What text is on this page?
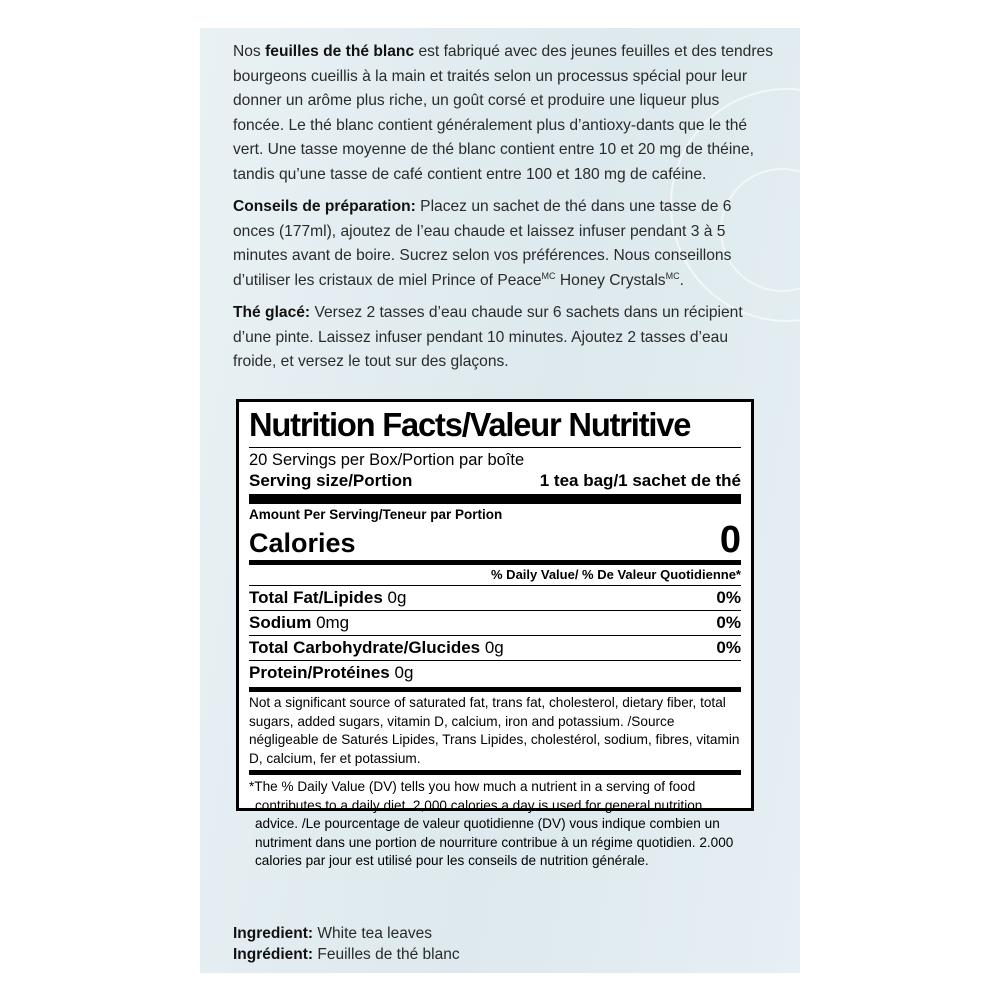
Nos feuilles de thé blanc est fabriqué avec des jeunes feuilles et des tendres bourgeons cueillis à la main et traités selon un processus spécial pour leur donner un arôme plus riche, un goût corsé et produire une liqueur plus foncée. Le thé blanc contient généralement plus d’antioxy-dants que le thé vert. Une tasse moyenne de thé blanc contient entre 10 et 20 mg de théine, tandis qu’une tasse de café contient entre 100 et 180 mg de caféine.

Conseils de préparation: Placez un sachet de thé dans une tasse de 6 onces (177ml), ajoutez de l’eau chaude et laissez infuser pendant 3 à 5 minutes avant de boire. Sucrez selon vos préférences. Nous conseillons d’utiliser les cristaux de miel Prince of Peace$^{MC}$ Honey Crystals$^{MC}$.

Thé glacé: Versez 2 tasses d’eau chaude sur 6 sachets dans un récipient d’une pinte. Laissez infuser pendant 10 minutes. Ajoutez 2 tasses d’eau froide, et versez le tout sur des glaçons.

Nutrition Facts/Valeur Nutritive
20 Servings per Box/Portion par boîte
Serving size/Portion	1 tea bag/1 sachet de thé
Amount Per Serving/Teneur par Portion
Calories	0
% Daily Value/ % De Valeur Quotidienne*
Total Fat/Lipides 0g	0%
Sodium 0mg	0%
Total Carbohydrate/Glucides 0g	0%
Protein/Protéines 0g
Not a significant source of saturated fat, trans fat, cholesterol, dietary fiber, total sugars, added sugars, vitamin D, calcium, iron and potassium. /Source négligeable de Saturés Lipides, Trans Lipides, cholestérol, sodium, fibres, vitamin D, calcium, fer et potassium.
*The % Daily Value (DV) tells you how much a nutrient in a serving of food contributes to a daily diet. 2,000 calories a day is used for general nutrition advice. /Le pourcentage de valeur quotidienne (DV) vous indique combien un nutriment dans une portion de nourriture contribue à un régime quotidien. 2.000 calories par jour est utilisé pour les conseils de nutrition générale.
Ingredient: White tea leaves
Ingrédient: Feuilles de thé blanc
